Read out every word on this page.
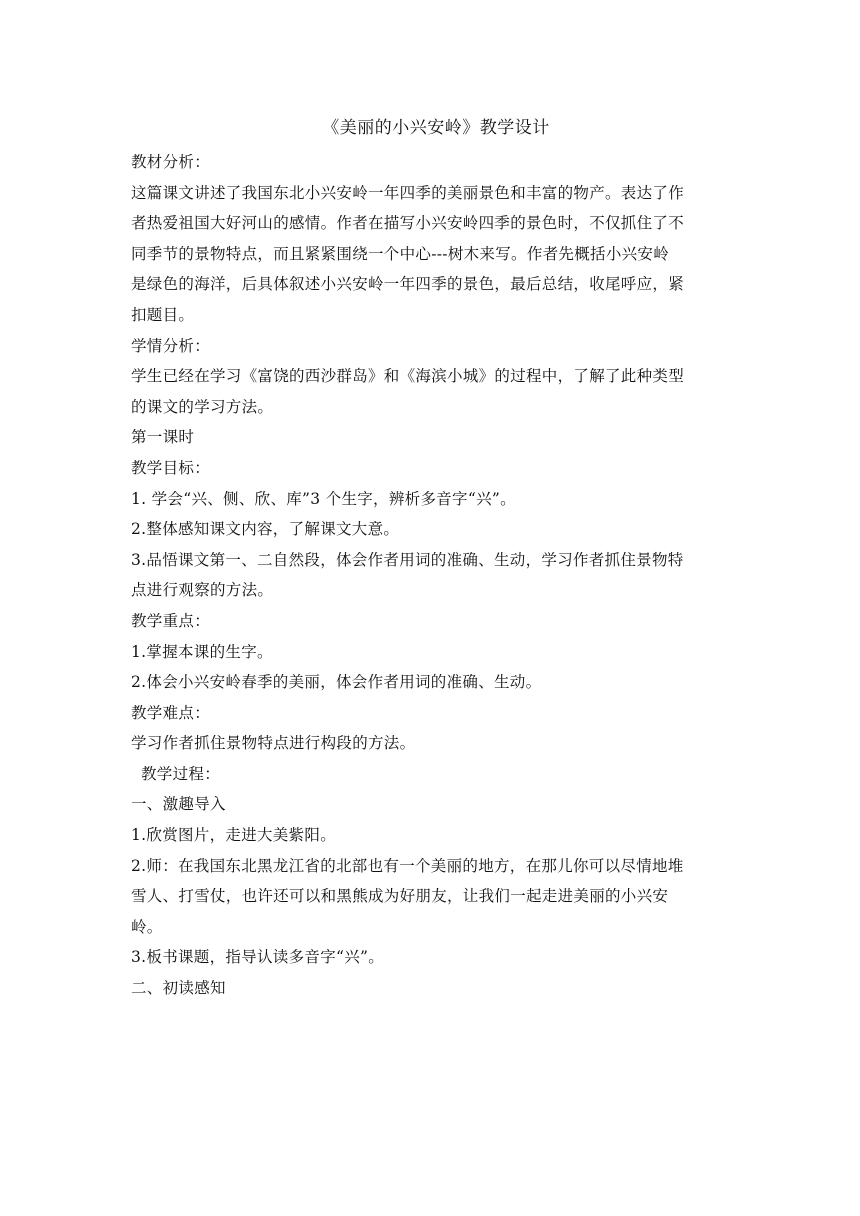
《美丽的小兴安岭》教学设计
教材分析：
这篇课文讲述了我国东北小兴安岭一年四季的美丽景色和丰富的物产。表达了作
者热爱祖国大好河山的感情。作者在描写小兴安岭四季的景色时，不仅抓住了不
同季节的景物特点，而且紧紧围绕一个中心---树木来写。作者先概括小兴安岭
是绿色的海洋，后具体叙述小兴安岭一年四季的景色，最后总结，收尾呼应，紧
扣题目。
学情分析：
学生已经在学习《富饶的西沙群岛》和《海滨小城》的过程中，了解了此种类型
的课文的学习方法。
第一课时
教学目标：
1. 学会“兴、侧、欣、库”3 个生字，辨析多音字“兴”。
2.整体感知课文内容，了解课文大意。
3.品悟课文第一、二自然段，体会作者用词的准确、生动，学习作者抓住景物特
点进行观察的方法。
教学重点：
1.掌握本课的生字。
2.体会小兴安岭春季的美丽，体会作者用词的准确、生动。
教学难点：
学习作者抓住景物特点进行构段的方法。
教学过程：
一、激趣导入
1.欣赏图片，走进大美紫阳。
2.师：在我国东北黑龙江省的北部也有一个美丽的地方，在那儿你可以尽情地堆
雪人、打雪仗，也许还可以和黑熊成为好朋友，让我们一起走进美丽的小兴安
岭。
3.板书课题，指导认读多音字“兴”。
二、初读感知
